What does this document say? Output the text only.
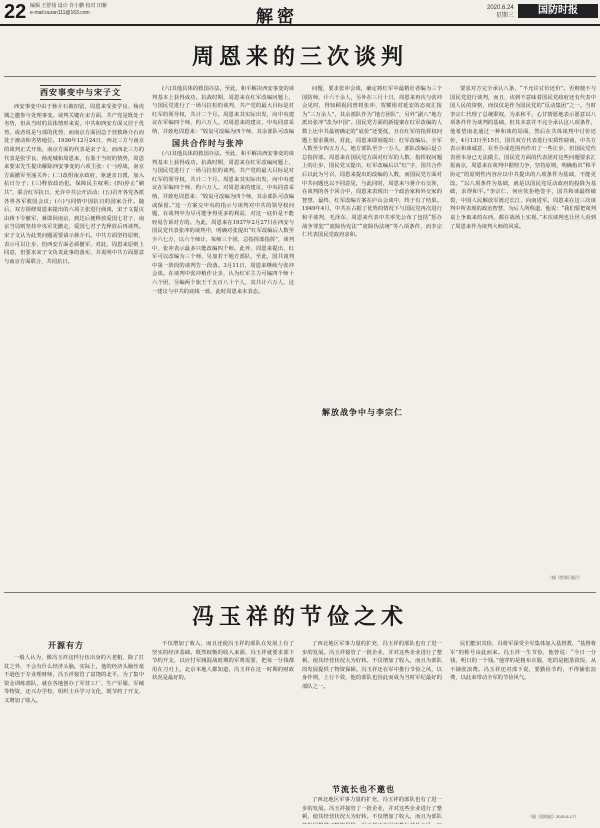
22 编辑 王舒扬 设计 许小鹏 校对 田紫
e-mail:ouran111@163.com	解密	2020.6.24
星期三	国防时报
周恩来的三次谈判
西安事变中与宋子文

西安事变中由于蒋介石被扣留，周恩来受张学良、杨虎城之邀参与处理事变。谈判关键在宋方面，共产党是既处于劣势，但从当时的具体情形来说，中共和西安方面又居于优势，或者说是与部的优势，而南京方面因急于营救蒋介石而处于被动和劣势地位。1936年12月24日，西北三方与南京的谈判正式开始，南京方面的代表是宋子文，而西北三方的代表是张学良、杨虎城和周恩来，有鉴于当时的情势，周恩来要宋先生提出解除西安事变的六项主张：(一)停战，南京方面撤军至潼关外；(二)改组南京政府，驱逐亲日派，加入抗日分子；(三)释放政治犯，保障民主权利；(四)停止“剿共”，联合红军抗日，允许中共公开活动；(五)召开各党各派各界各军救国会议；(六)与同情中国抗日的国家合作。随后，双方围绕周恩来提出的六项主张进行商谈，宋子文提议由蒋下令撤军，蒋即回南京，到达后便释放爱国七君子，南京当局则坚持中央军先撤走，爱国七君子先释放后再谈判。宋子文认为此类问题需要请示蒋介石。中共方面坚持原则，表示可以让步，但西安方面必须撤军，对此，周恩来原则上同意，但要求宋子文负责此事的落实，并说明中共方面愿意与南京方面联合，共同抗日。

(六)其他具体的救国办法。至此，和平解决西安事变的谈判基本上获得成功。抗战时期，周恩来在红军改编问题上，与国民党进行了一场马拉松的谈判，共产党的最大目标是对红军的领导权，共计二个月。周恩来其实际出发，向中央建议在军编四个师，约六万人。对周恩来的建议，中央同意采纳，并致电周恩来：“收复可改编为四个师，其余部队可改编

国共合作时与张冲

(六)其他具体的救国办法。至此，和平解决西安事变的谈判基本上获得成功。抗战时期，周恩来在红军改编问题上，与国民党进行了一场马拉松的谈判，共产党的最大目标是对红军的领导权，共计二个月。周恩来其实际出发，向中央建议在军编四个师，约六万人。对周恩来的建议，中央同意采纳，并致电周恩来：“收复可改编为四个师，其余部队可改编或保留。”这一方案交中央的指示与谈判对中共的领导权问题，在谈判中为尽可能争得更多的利益，对这一底价是不能轻易告诉对方的。为此，周恩来在1937年2月27日在西安与国民党代表张冲的谈判中，明确对张提出“红军改编后人数至少六七万，以六个师计，每师三个团，总指挥部指挥”，谈判中，张冲表示最多只能改编四个师。此外，周恩来提出，红军可以改编为三个师，另加若干地方部队，至此，国共谈判中第一阶段的谈判告一段落。3月11日，周恩来继续与张冲会谈。在谈判中张冲稍作让步，认为红军主力可编四个师十六个团，另编两个旅王千五百八十个人，其共计六万人，这一建议与中共的底线一致，此时周恩来未表态。

问题，要求张冲会谈，确定将红军中最精壮者编为三个国防师，计六千余人，另外在三月十日，周恩来再次与张冲会见时，得知顾祝同曾将张冲、贺耀组对延安的态度汇报为“三万余人”，其余部队作为“地方团队”，另外“副八”地方派出张冲“改为中国”。国民党方面的新提案在红军改编的人数上比中共最初确定的“底价”还要低，且在红军的指挥权问题上要求冀州，对此，周恩来即刻提出：红军改编后，全军人数至少四五万人，地方部队至少一万人，部队改编后设立总指挥部。周恩来在国民党方面对红军的人数、指挥权问题上的让步，国民党又提出，红军改编后以“红”字，国共合作后以此为号召，周恩来提出的改编的人数，而国民党方面对中共问题也以不同意见，与此同时，周恩来与蒋介石交涉，在谈判的各个回合中，周恩来表现出一个政治家和外交家的智慧，最终，红军改编方案在庐山会谈中，终于有了结果。1949年4月，中共在占据了优势的情况下与国民党再次进行和平谈判，毛泽东、周恩来代表中共率先公布了包括“惩办战争罪犯”“废除伪宪法”“废除伪法统”等八项条件，而李宗仁代表国民党政府求和。

解放战争中与李宗仁

要求对方完全承认八条，“不允许讨价还价”。否则便不与国民党进行谈判，而且，该到不意味着国民党政府还有代表中国人民的资格，而仅仅是作为国民党的“反动集团”之一。当时李宗仁代理了总统职权，为求和平，心甘情愿地表示愿意以八项条件作为谈判的基础，但其本意并不完全承认这八项条件，他希望南北通过一种和谈的局面，然后在共体谈判中讨价还价，4月13日至15日，国共双方代表进行实质性磋商，中共方表示和谈诚意，在至办成范围内作出了一些让步，但国民党代表团本身已无法做主，国民党方面的代表团对这些问题要求汇报南京，周恩来在谈判中据理力争，坚持原则，明确指出“和平协定”的原则性内容应以中共提出的八项条件为基础，不能更改。“以八项条件为基础，就是以国民党反动政府的投降为基础，求得和平。”李宗仁、何应钦拒绝签字，国共和谈最终破裂，中国人民解放军渡过长江，向南进军。周恩来在这三次谈判中所表现的政治智慧，为后人所称道，他说：“我们要把谈判桌上争取来的东西，都在战场上实现。”本次谈判也让世人看到了周恩来作为谈判大师的风采。

（据《世界日报》）
冯玉祥的节俭之术
开源有方

一般人认为，像冯玉祥这样行伍出身的大老粗，除了打仗之外，不会有什么经济头脑。实际上，他的经济头脑丝毫不逊色于专业理财师，冯玉祥接管了富饶的北平，为了集中资金训练部队，就在各地创办了军营工厂，生产军服、军械等物资，还兴办学校，组织士兵学习文化，既节约了开支，又增加了收入。

不仅增加了收入，而且还使冯玉祥的部队在发展上有了坚实的经济基础。既然权衡的收入来源，冯玉祥就要求部下节约开支，以应付军阀混战时期的军费需要，把每一分钱都用在刀刃上。北京本地人都知道，冯玉祥在这一时期的财政状况是最好的。

了西北地区军事力量的扩充，冯玉祥的部队也有了进一步的发展。冯玉祥接管了一批企业，并对这些企业进行了整顿，使其经营状况大为好转。不仅增加了收入，而且为部队的发展提供了物资保障。冯玉祥还在军中推行节俭之风，以身作则，上行下效，他的部队也因此而成为当时军纪最好的部队之一。

节流长也不邀也

了西北地区军事力量的扩充，冯玉祥的部队也有了进一步的发展。冯玉祥接管了一批企业，并对这些企业进行了整顿，使其经营状况大为好转。不仅增加了收入，而且为部队

民们能识其俭，冯将军深受全军集体加入基督教，“基督将军”的称号由此而来。冯玉祥一生节俭，他曾说：“今日一分钱，明日的一个钱。”他穿的是粗布衣服，吃的是粗茶淡饭，从不铺张浪费。冯玉祥还对部下说，要勤俭节约，不得铺张浪费，以此来带动全军的节俭风气。

（据《团结报》2020-6-17）
